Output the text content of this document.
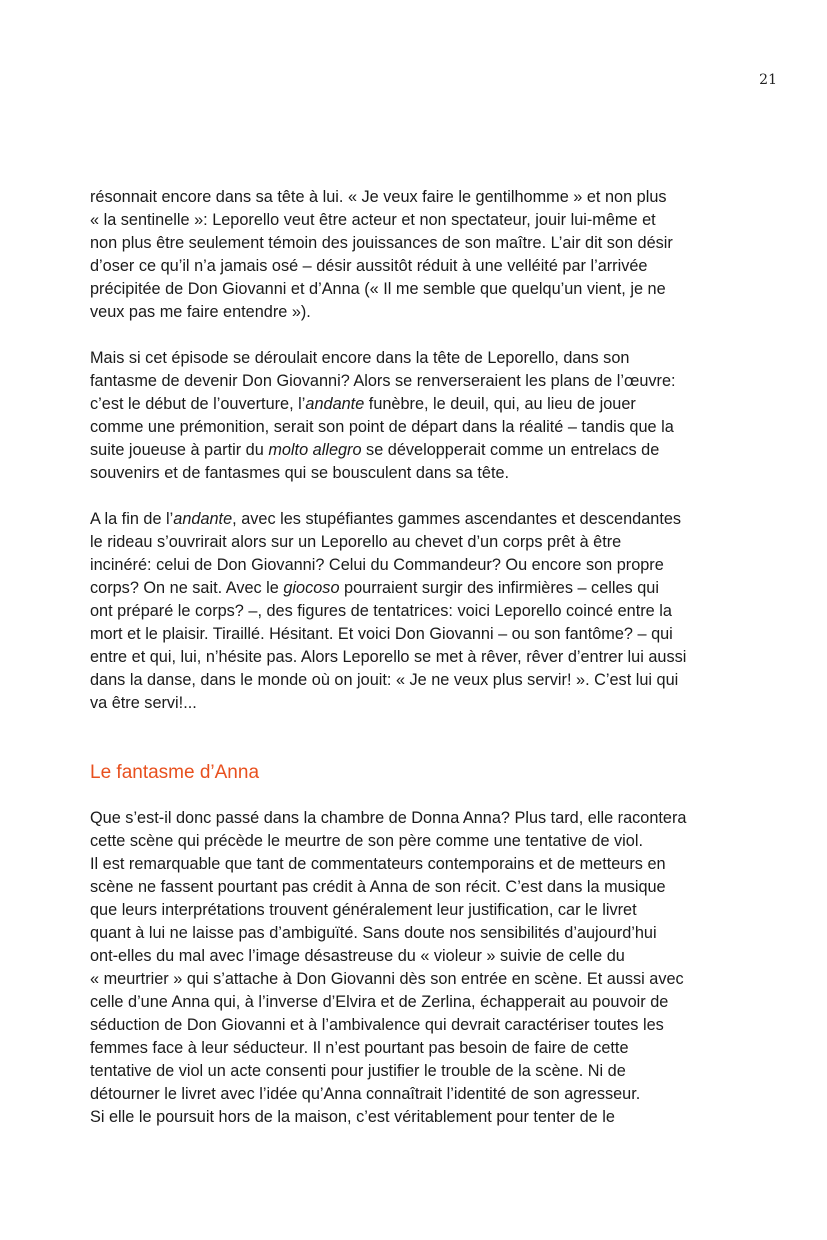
21

résonnait encore dans sa tête à lui. « Je veux faire le gentilhomme » et non plus
« la sentinelle »: Leporello veut être acteur et non spectateur, jouir lui-même et
non plus être seulement témoin des jouissances de son maître. L’air dit son désir
d’oser ce qu’il n’a jamais osé – désir aussitôt réduit à une velléité par l’arrivée
précipitée de Don Giovanni et d’Anna (« Il me semble que quelqu’un vient, je ne
veux pas me faire entendre »).

Mais si cet épisode se déroulait encore dans la tête de Leporello, dans son
fantasme de devenir Don Giovanni? Alors se renverseraient les plans de l’œuvre:
c’est le début de l’ouverture, l’andante funèbre, le deuil, qui, au lieu de jouer
comme une prémonition, serait son point de départ dans la réalité – tandis que la
suite joueuse à partir du molto allegro se développerait comme un entrelacs de
souvenirs et de fantasmes qui se bousculent dans sa tête.

A la fin de l’andante, avec les stupéfiantes gammes ascendantes et descendantes
le rideau s’ouvrirait alors sur un Leporello au chevet d’un corps prêt à être
incinéré: celui de Don Giovanni? Celui du Commandeur? Ou encore son propre
corps? On ne sait. Avec le giocoso pourraient surgir des infirmières – celles qui
ont préparé le corps? –, des figures de tentatrices: voici Leporello coincé entre la
mort et le plaisir. Tiraillé. Hésitant. Et voici Don Giovanni – ou son fantôme? – qui
entre et qui, lui, n’hésite pas. Alors Leporello se met à rêver, rêver d’entrer lui aussi
dans la danse, dans le monde où on jouit: « Je ne veux plus servir! ». C’est lui qui
va être servi!...

Le fantasme d’Anna

Que s’est-il donc passé dans la chambre de Donna Anna? Plus tard, elle racontera
cette scène qui précède le meurtre de son père comme une tentative de viol.
Il est remarquable que tant de commentateurs contemporains et de metteurs en
scène ne fassent pourtant pas crédit à Anna de son récit. C’est dans la musique
que leurs interprétations trouvent généralement leur justification, car le livret
quant à lui ne laisse pas d’ambiguïté. Sans doute nos sensibilités d’aujourd’hui
ont-elles du mal avec l’image désastreuse du « violeur » suivie de celle du
« meurtrier » qui s’attache à Don Giovanni dès son entrée en scène. Et aussi avec
celle d’une Anna qui, à l’inverse d’Elvira et de Zerlina, échapperait au pouvoir de
séduction de Don Giovanni et à l’ambivalence qui devrait caractériser toutes les
femmes face à leur séducteur. Il n’est pourtant pas besoin de faire de cette
tentative de viol un acte consenti pour justifier le trouble de la scène. Ni de
détourner le livret avec l’idée qu’Anna connaîtrait l’identité de son agresseur.
Si elle le poursuit hors de la maison, c’est véritablement pour tenter de le
